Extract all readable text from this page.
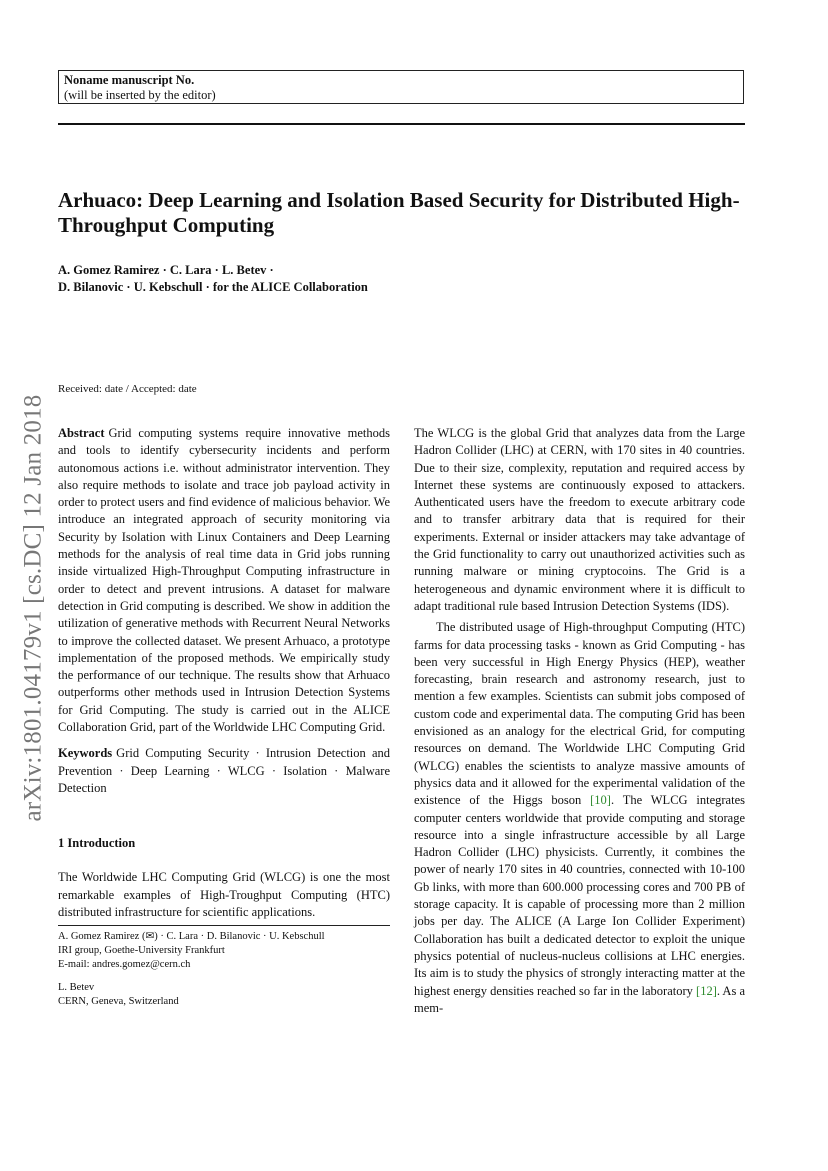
Noname manuscript No.
(will be inserted by the editor)
Arhuaco: Deep Learning and Isolation Based Security for Distributed High-Throughput Computing
A. Gomez Ramirez · C. Lara · L. Betev ·
D. Bilanovic · U. Kebschull · for the ALICE Collaboration
arXiv:1801.04179v1 [cs.DC] 12 Jan 2018
Received: date / Accepted: date

Abstract Grid computing systems require innovative methods and tools to identify cybersecurity incidents and perform autonomous actions i.e. without administrator intervention. They also require methods to isolate and trace job payload activity in order to protect users and find evidence of malicious behavior. We introduce an integrated approach of security monitoring via Security by Isolation with Linux Containers and Deep Learning methods for the analysis of real time data in Grid jobs running inside virtualized High-Throughput Computing infrastructure in order to detect and prevent intrusions. A dataset for malware detection in Grid computing is described. We show in addition the utilization of generative methods with Recurrent Neural Networks to improve the collected dataset. We present Arhuaco, a prototype implementation of the proposed methods. We empirically study the performance of our technique. The results show that Arhuaco outperforms other methods used in Intrusion Detection Systems for Grid Computing. The study is carried out in the ALICE Collaboration Grid, part of the Worldwide LHC Computing Grid.

Keywords Grid Computing Security · Intrusion Detection and Prevention · Deep Learning · WLCG · Isolation · Malware Detection

1 Introduction

The Worldwide LHC Computing Grid (WLCG) is one the most remarkable examples of High-Troughput Computing (HTC) distributed infrastructure for scientific applications.

A. Gomez Ramirez (✉) · C. Lara · D. Bilanovic · U. Kebschull
IRI group, Goethe-University Frankfurt
E-mail: andres.gomez@cern.ch
L. Betev
CERN, Geneva, Switzerland

The WLCG is the global Grid that analyzes data from the Large Hadron Collider (LHC) at CERN, with 170 sites in 40 countries. Due to their size, complexity, reputation and required access by Internet these systems are continuously exposed to attackers. Authenticated users have the freedom to execute arbitrary code and to transfer arbitrary data that is required for their experiments. External or insider attackers may take advantage of the Grid functionality to carry out unauthorized activities such as running malware or mining cryptocoins. The Grid is a heterogeneous and dynamic environment where it is difficult to adapt traditional rule based Intrusion Detection Systems (IDS).

The distributed usage of High-throughput Computing (HTC) farms for data processing tasks - known as Grid Computing - has been very successful in High Energy Physics (HEP), weather forecasting, brain research and astronomy research, just to mention a few examples. Scientists can submit jobs composed of custom code and experimental data. The computing Grid has been envisioned as an analogy for the electrical Grid, for computing resources on demand. The Worldwide LHC Computing Grid (WLCG) enables the scientists to analyze massive amounts of physics data and it allowed for the experimental validation of the existence of the Higgs boson [10]. The WLCG integrates computer centers worldwide that provide computing and storage resource into a single infrastructure accessible by all Large Hadron Collider (LHC) physicists. Currently, it combines the power of nearly 170 sites in 40 countries, connected with 10-100 Gb links, with more than 600.000 processing cores and 700 PB of storage capacity. It is capable of processing more than 2 million jobs per day. The ALICE (A Large Ion Collider Experiment) Collaboration has built a dedicated detector to exploit the unique physics potential of nucleus-nucleus collisions at LHC energies. Its aim is to study the physics of strongly interacting matter at the highest energy densities reached so far in the laboratory [12]. As a mem-
